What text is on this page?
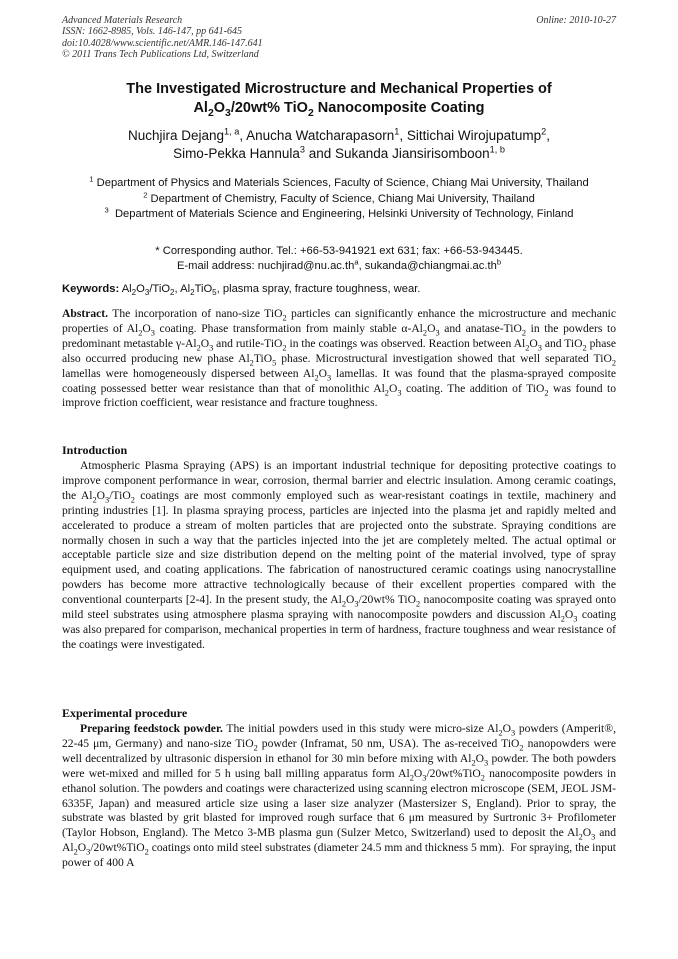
Advanced Materials Research
ISSN: 1662-8985, Vols. 146-147, pp 641-645
doi:10.4028/www.scientific.net/AMR.146-147.641
© 2011 Trans Tech Publications Ltd, Switzerland
Online: 2010-10-27
The Investigated Microstructure and Mechanical Properties of
$Al_2O_3/20wt\%$ TiO$_2$ Nanocomposite Coating
Nuchjira Dejang$^{1, a}$, Anucha Watcharapasorn$^1$, Sittichai Wirojupatump$^2$,
Simo-Pekka Hannula$^3$ and Sukanda Jiansirisomboon$^{1, b}$
$^1$ Department of Physics and Materials Sciences, Faculty of Science, Chiang Mai University, Thailand
$^2$ Department of Chemistry, Faculty of Science, Chiang Mai University, Thailand
$^3$  Department of Materials Science and Engineering, Helsinki University of Technology, Finland
* Corresponding author. Tel.: +66-53-941921 ext 631; fax: +66-53-943445.
E-mail address: $nuchjirad@nu.ac.th^a$, $sukanda@chiangmai.ac.th^b$
Keywords: $Al_2O_3/TiO_2$, $Al_2TiO_5$, plasma spray, fracture toughness, wear.
Abstract. The incorporation of nano-size TiO$_2$ particles can significantly enhance the microstructure and mechanic properties of $Al_2O_3$ coating. Phase transformation from mainly stable $\alpha-Al_2O_3$ and anatase-TiO$_2$ in the powders to predominant metastable $\gamma-Al_2O_3$ and rutile-TiO$_2$ in the coatings was observed. Reaction between $Al_2O_3$ and TiO$_2$ phase also occurred producing new phase $Al_2TiO_5$ phase. Microstructural investigation showed that well separated TiO$_2$ lamellas were homogeneously dispersed between $Al_2O_3$ lamellas. It was found that the plasma-sprayed composite coating possessed better wear resistance than that of monolithic $Al_2O_3$ coating. The addition of TiO$_2$ was found to improve friction coefficient, wear resistance and fracture toughness.
Introduction
Atmospheric Plasma Spraying (APS) is an important industrial technique for depositing protective coatings to improve component performance in wear, corrosion, thermal barrier and electric insulation. Among ceramic coatings, the $Al_2O_3/TiO_2$ coatings are most commonly employed such as wear-resistant coatings in textile, machinery and printing industries [1]. In plasma spraying process, particles are injected into the plasma jet and rapidly melted and accelerated to produce a stream of molten particles that are projected onto the substrate. Spraying conditions are normally chosen in such a way that the particles injected into the jet are completely melted. The actual optimal or acceptable particle size and size distribution depend on the melting point of the material involved, type of spray equipment used, and coating applications. The fabrication of nanostructured ceramic coatings using nanocrystalline powders has become more attractive technologically because of their excellent properties compared with the conventional counterparts [2-4]. In the present study, the $Al_2O_3/20wt\%$ TiO$_2$ nanocomposite coating was sprayed onto mild steel substrates using atmosphere plasma spraying with nanocomposite powders and discussion $Al_2O_3$ coating was also prepared for comparison, mechanical properties in term of hardness, fracture toughness and wear resistance of the coatings were investigated.
Experimental procedure
Preparing feedstock powder. The initial powders used in this study were micro-size $Al_2O_3$ powders (Amperit®, 22-45 μm, Germany) and nano-size TiO$_2$ powder (Inframat, 50 nm, USA). The as-received TiO$_2$ nanopowders were well decentralized by ultrasonic dispersion in ethanol for 30 min before mixing with $Al_2O_3$ powder. The both powders were wet-mixed and milled for 5 h using ball milling apparatus form $Al_2O_3/20wt\%TiO_2$ nanocomposite powders in ethanol solution. The powders and coatings were characterized using scanning electron microscope (SEM, JEOL JSM-6335F, Japan) and measured article size using a laser size analyzer (Mastersizer S, England). Prior to spray, the substrate was blasted by grit blasted for improved rough surface that 6 μm measured by Surtronic 3+ Profilometer (Taylor Hobson, England). The Metco 3-MB plasma gun (Sulzer Metco, Switzerland) used to deposit the $Al_2O_3$ and $Al_2O_3/20wt\%TiO_2$ coatings onto mild steel substrates (diameter 24.5 mm and thickness 5 mm).  For spraying, the input power of 400 A
